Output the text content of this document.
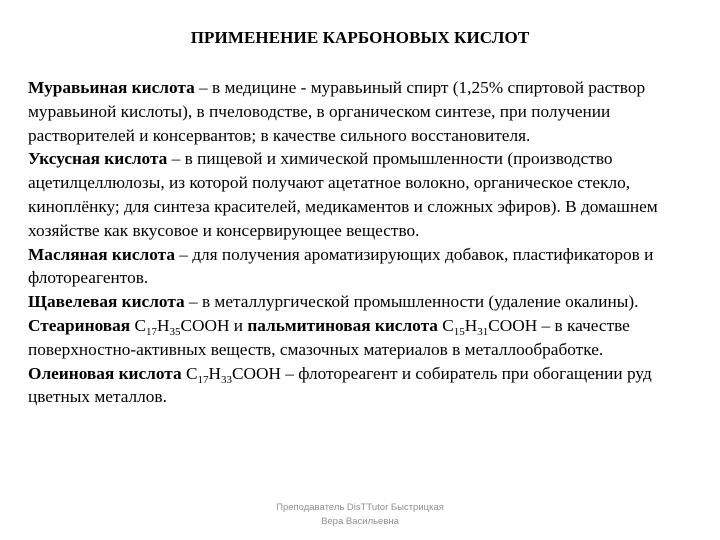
ПРИМЕНЕНИЕ КАРБОНОВЫХ КИСЛОТ

Муравьиная кислота – в медицине - муравьиный спирт (1,25% спиртовой раствор муравьиной кислоты), в пчеловодстве, в органическом синтезе, при получении растворителей и консервантов; в качестве сильного восстановителя.

Уксусная кислота – в пищевой и химической промышленности (производство ацетилцеллюлозы, из которой получают ацетатное волокно, органическое стекло, киноплёнку; для синтеза красителей, медикаментов и сложных эфиров). В домашнем хозяйстве как вкусовое и консервирующее вещество.

Масляная кислота – для получения ароматизирующих добавок, пластификаторов и флотореагентов.

Щавелевая кислота – в металлургической промышленности (удаление окалины).

Стеариновая $C_{17}H_{35}COOH$ и пальмитиновая кислота $C_{15}H_{31}COOH$ – в качестве поверхностно-активных веществ, смазочных материалов в металлообработке.

Олеиновая кислота $C_{17}H_{33}COOH$ – флотореагент и собиратель при обогащении руд цветных металлов.

Преподаватель DisTTutor Быстрицкая
Вера Васильевна
